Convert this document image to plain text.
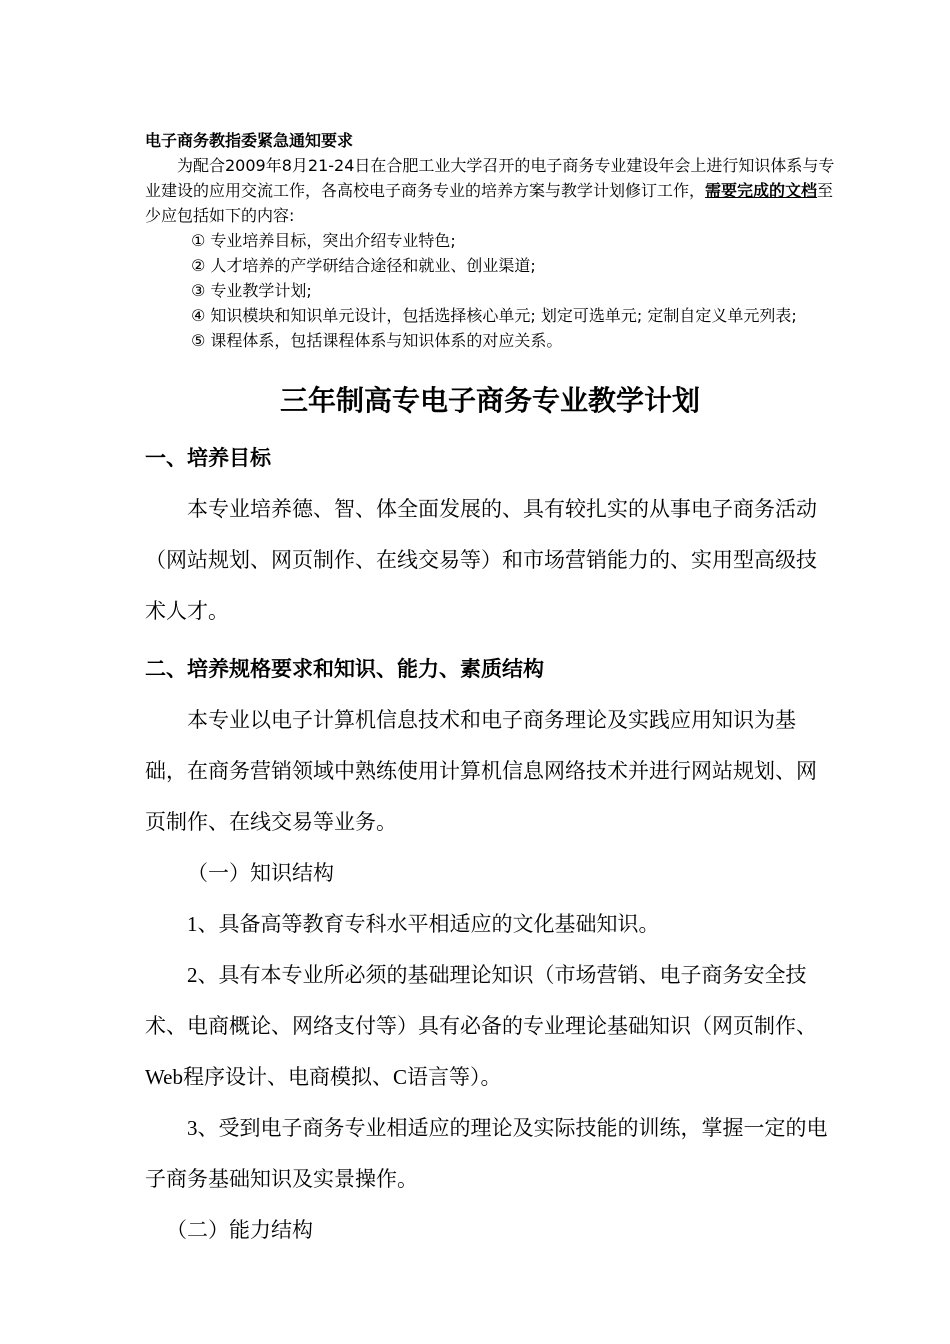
电子商务教指委紧急通知要求

为配合2009年8月21-24日在合肥工业大学召开的电子商务专业建设年会上进行知识体系与专业建设的应用交流工作，各高校电子商务专业的培养方案与教学计划修订工作，需要完成的文档至少应包括如下的内容:

① 专业培养目标，突出介绍专业特色;

② 人才培养的产学研结合途径和就业、创业渠道;

③ 专业教学计划;

④ 知识模块和知识单元设计，包括选择核心单元; 划定可选单元; 定制自定义单元列表;

⑤ 课程体系，包括课程体系与知识体系的对应关系。

三年制高专电子商务专业教学计划
一、培养目标

本专业培养德、智、体全面发展的、具有较扎实的从事电子商务活动（网站规划、网页制作、在线交易等）和市场营销能力的、实用型高级技术人才。

二、培养规格要求和知识、能力、素质结构

本专业以电子计算机信息技术和电子商务理论及实践应用知识为基础，在商务营销领域中熟练使用计算机信息网络技术并进行网站规划、网页制作、在线交易等业务。

（一）知识结构

1、具备高等教育专科水平相适应的文化基础知识。

2、具有本专业所必须的基础理论知识（市场营销、电子商务安全技术、电商概论、网络支付等）具有必备的专业理论基础知识（网页制作、Web程序设计、电商模拟、C语言等）。

3、受到电子商务专业相适应的理论及实际技能的训练，掌握一定的电子商务基础知识及实景操作。

（二）能力结构
